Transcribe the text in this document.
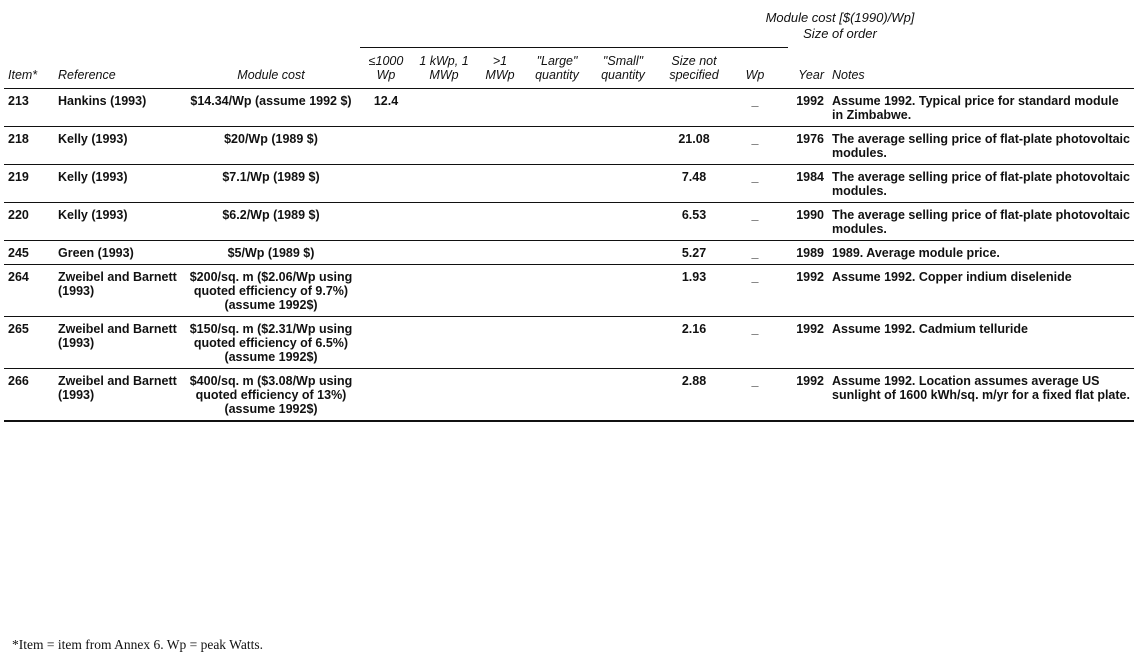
Module cost [$(1990)/Wp]
Size of order
Item*	Reference	Module cost	≤1000 Wp	1 kWp, 1 MWp	>1 MWp	"Large" quantity	"Small" quantity	Size not specified	Wp	Year	Notes
213	Hankins (1993)	$14.34/Wp (assume 1992 $)	12.4						_	1992	Assume 1992. Typical price for standard module in Zimbabwe.
218	Kelly (1993)	$20/Wp (1989 $)						21.08	_	1976	The average selling price of flat-plate photovoltaic modules.
219	Kelly (1993)	$7.1/Wp (1989 $)						7.48	_	1984	The average selling price of flat-plate photovoltaic modules.
220	Kelly (1993)	$6.2/Wp (1989 $)						6.53	_	1990	The average selling price of flat-plate photovoltaic modules.
245	Green (1993)	$5/Wp (1989 $)						5.27	_	1989	1989. Average module price.
264	Zweibel and Barnett (1993)	$200/sq. m ($2.06/Wp using quoted efficiency of 9.7%) (assume 1992$)						1.93	_	1992	Assume 1992. Copper indium diselenide
265	Zweibel and Barnett (1993)	$150/sq. m ($2.31/Wp using quoted efficiency of 6.5%) (assume 1992$)						2.16	_	1992	Assume 1992. Cadmium telluride
266	Zweibel and Barnett (1993)	$400/sq. m ($3.08/Wp using quoted efficiency of 13%) (assume 1992$)						2.88	_	1992	Assume 1992. Location assumes average US sunlight of 1600 kWh/sq. m/yr for a fixed flat plate.
*Item = item from Annex 6. Wp = peak Watts.
